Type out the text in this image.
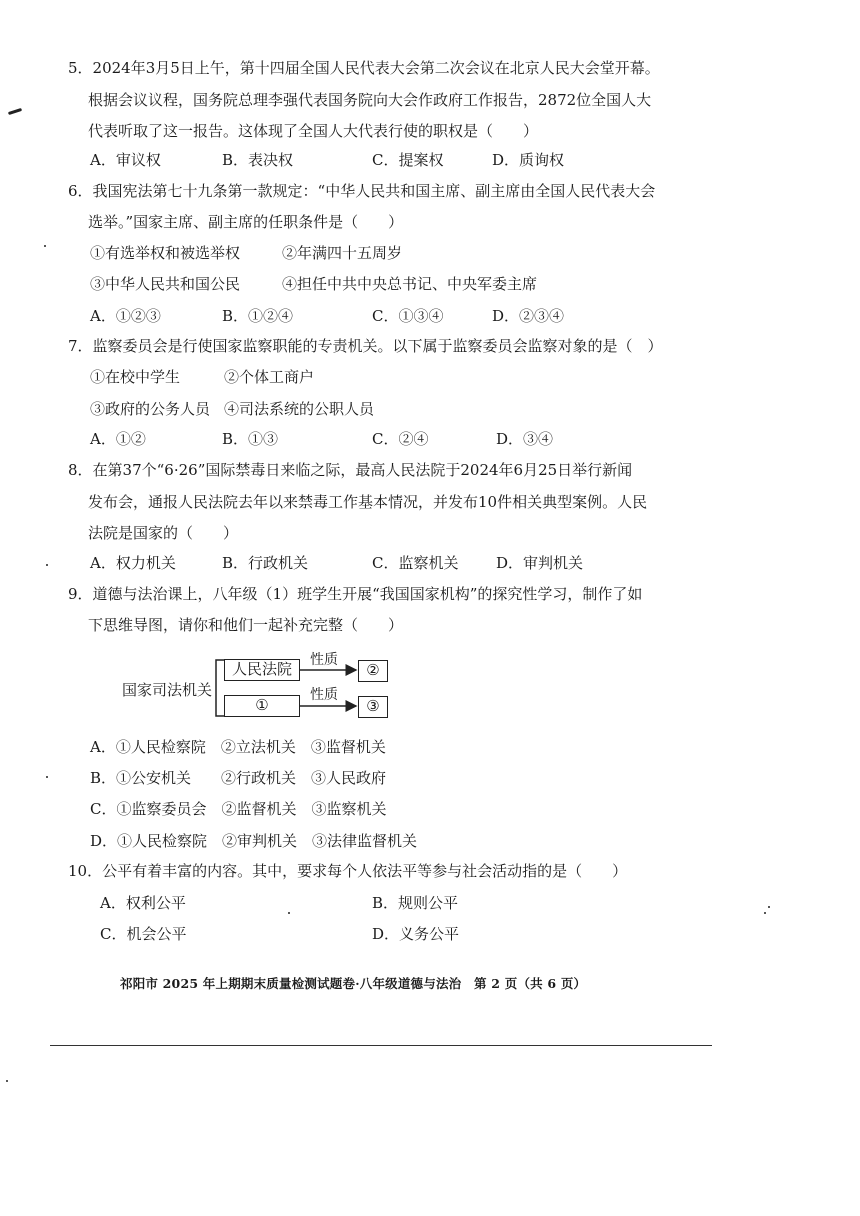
5．2024年3月5日上午，第十四届全国人民代表大会第二次会议在北京人民大会堂开幕。
根据会议议程，国务院总理李强代表国务院向大会作政府工作报告，2872位全国人大
代表听取了这一报告。这体现了全国人大代表行使的职权是（　　）
A．审议权	B．表决权	C．提案权	D．质询权
6．我国宪法第七十九条第一款规定：“中华人民共和国主席、副主席由全国人民代表大会
选举。”国家主席、副主席的任职条件是（　　）
①有选举权和被选举权	②年满四十五周岁
③中华人民共和国公民	④担任中共中央总书记、中央军委主席
A．①②③	B．①②④	C．①③④	D．②③④
7．监察委员会是行使国家监察职能的专责机关。以下属于监察委员会监察对象的是（　）
①在校中学生	②个体工商户
③政府的公务人员 ④司法系统的公职人员
A．①②	B．①③	C．②④	D．③④
8．在第37个“6·26”国际禁毒日来临之际，最高人民法院于2024年6月25日举行新闻
发布会，通报人民法院去年以来禁毒工作基本情况，并发布10件相关典型案例。人民
法院是国家的（　　）
A．权力机关	B．行政机关	C．监察机关	D．审判机关
9．道德与法治课上，八年级（1）班学生开展“我国国家机构”的探究性学习，制作了如
下思维导图，请你和他们一起补充完整（　　）
国家司法机关
人民法院	性质
②
①
性质
③
A．①人民检察院　②立法机关　③监督机关
B．①公安机关　　②行政机关　③人民政府
C．①监察委员会　②监督机关　③监察机关
D．①人民检察院　②审判机关　③法律监督机关
10．公平有着丰富的内容。其中，要求每个人依法平等参与社会活动指的是（　　）
A．权利公平	B．规则公平
C．机会公平	D．义务公平
祁阳市 2025 年上期期末质量检测试题卷·八年级道德与法治　第 2 页（共 6 页）
